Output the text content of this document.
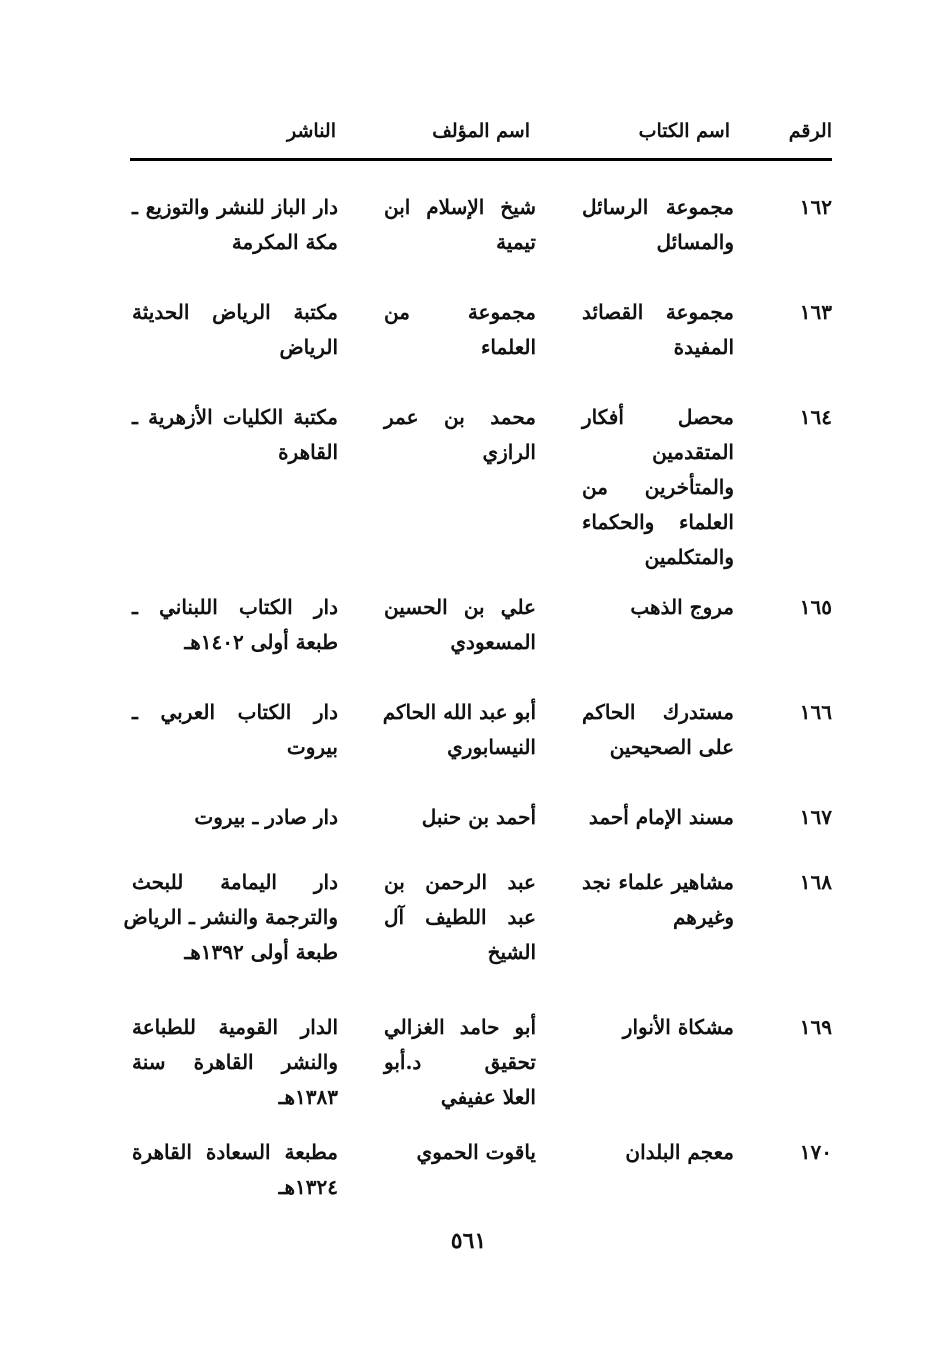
الرقم
اسم الكتاب
اسم المؤلف
الناشر
١٦٢
مجموعة الرسائل
والمسائل
شيخ الإسلام ابن
تيمية
دار الباز للنشر والتوزيع ـ
مكة المكرمة
١٦٣
مجموعة القصائد
المفيدة
مجموعة من
العلماء
مكتبة الرياض الحديثة
الرياض
١٦٤
محصل أفكار
المتقدمين
والمتأخرين من
العلماء والحكماء
والمتكلمين
محمد بن عمر
الرازي
مكتبة الكليات الأزهرية ـ
القاهرة
١٦٥
مروج الذهب
علي بن الحسين
المسعودي
دار الكتاب اللبناني ـ
طبعة أولى ١٤٠٢هـ
١٦٦
مستدرك الحاكم
على الصحيحين
أبو عبد الله الحاكم
النيسابوري
دار الكتاب العربي ـ
بيروت
١٦٧
مسند الإمام أحمد
أحمد بن حنبل
دار صادر ـ بيروت
١٦٨
مشاهير علماء نجد
وغيرهم
عبد الرحمن بن
عبد اللطيف آل
الشيخ
دار اليمامة للبحث
والترجمة والنشر ـ الرياض
طبعة أولى ١٣٩٢هـ
١٦٩
مشكاة الأنوار
أبو حامد الغزالي
تحقيق د.أبو
العلا عفيفي
الدار القومية للطباعة
والنشر القاهرة سنة
١٣٨٣هـ
١٧٠
معجم البلدان
ياقوت الحموي
مطبعة السعادة القاهرة
١٣٢٤هـ
٥٦١
